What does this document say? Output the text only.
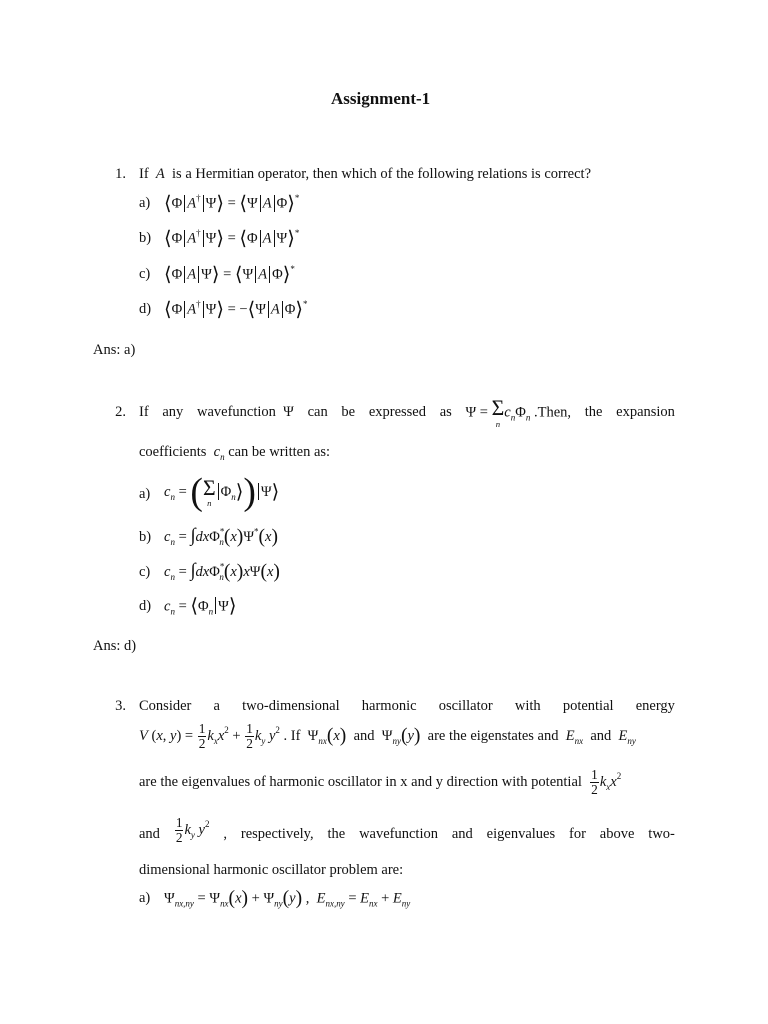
Assignment-1
1. If  A  is a Hermitian operator, then which of the following relations is correct?
a) ⟨Φ A† Ψ⟩ = ⟨Ψ A Φ⟩*
b) ⟨Φ A† Ψ⟩ = ⟨Φ A Ψ⟩*
c) ⟨Φ A Ψ⟩ = ⟨Ψ A Φ⟩*
d) ⟨Φ A† Ψ⟩ = −⟨Ψ A Φ⟩*
Ans: a)
2. If any wavefunction  Ψ can be expressed as Ψ = Σ
n
$c_n\Phi_n$ .Then, the expansion
coefficients  $c_n$ can be written as:
a) $c_n$ = ( Σ
n
$\Phi_n⟩$) Ψ⟩
b) $c_n = \int dx\Phi^*_n(x)\Psi^*(x)$
c) $c_n = \int dx\Phi^*_n(x)x\Psi(x)$
d) $c_n$ = $⟨\Phi_n$ Ψ⟩
Ans: d)
3. Consider a two-dimensional harmonic oscillator with potential energy
V (x, $y) = \frac{1}{2} k_xx^2 + \frac{1}{2} k_y$ $y^2$ . If  $\Psi_{nx}(x)$  and  $\Psi_{ny}(y)$  are the eigenstates and  $E_{nx}$  and  $E_{ny}$
are the eigenvalues of harmonic oscillator in x and y direction with potential $\frac{1}{2} k_xx^2$
and $\frac{1}{2} k_y$ $y^2$
, respectively, the wavefunction and eigenvalues for above two-
dimensional harmonic oscillator problem are:
a) $\Psi_{nx,ny} = \Psi_{nx}(x) + \Psi_{ny}(y)$ ,  $E_{nx,ny} = E_{nx} + E_{ny}$
